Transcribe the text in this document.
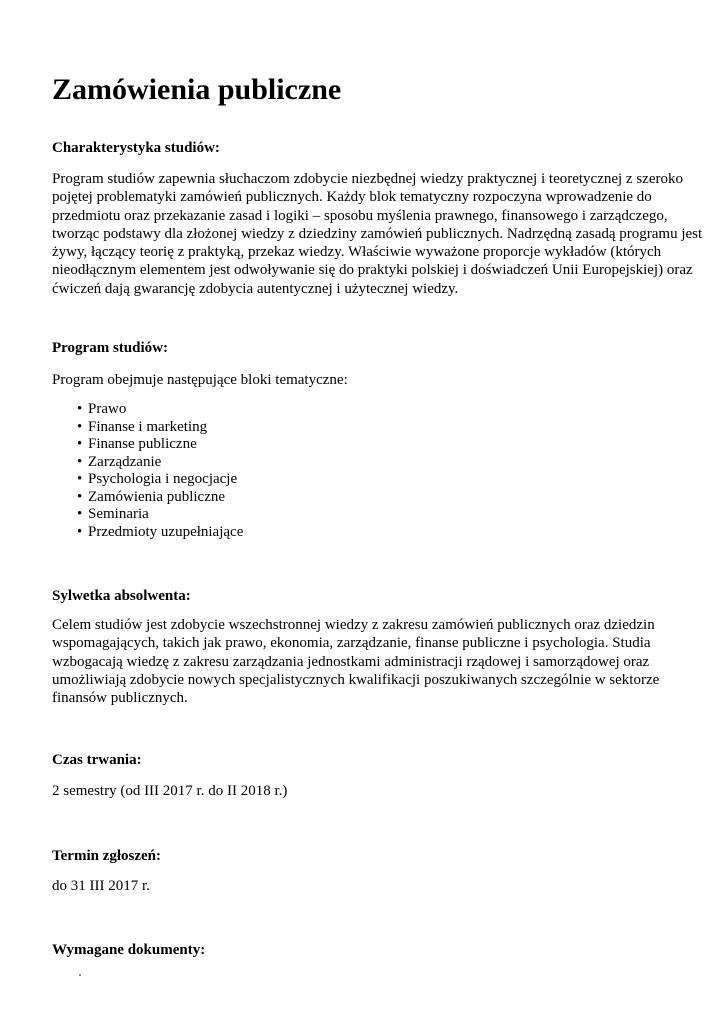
Zamówienia publiczne
Charakterystyka studiów:

Program studiów zapewnia słuchaczom zdobycie niezbędnej wiedzy praktycznej i teoretycznej z szeroko
pojętej problematyki zamówień publicznych. Każdy blok tematyczny rozpoczyna wprowadzenie do
przedmiotu oraz przekazanie zasad i logiki – sposobu myślenia prawnego, finansowego i zarządczego,
tworząc podstawy dla złożonej wiedzy z dziedziny zamówień publicznych. Nadrzędną zasadą programu jest
żywy, łączący teorię z praktyką, przekaz wiedzy. Właściwie wyważone proporcje wykładów (których
nieodłącznym elementem jest odwoływanie się do praktyki polskiej i doświadczeń Unii Europejskiej) oraz
ćwiczeń dają gwarancję zdobycia autentycznej i użytecznej wiedzy.

Program studiów:

Program obejmuje następujące bloki tematyczne:

• Prawo
• Finanse i marketing
• Finanse publiczne
• Zarządzanie
• Psychologia i negocjacje
• Zamówienia publiczne
• Seminaria
• Przedmioty uzupełniające
Sylwetka absolwenta:

Celem studiów jest zdobycie wszechstronnej wiedzy z zakresu zamówień publicznych oraz dziedzin
wspomagających, takich jak prawo, ekonomia, zarządzanie, finanse publiczne i psychologia. Studia
wzbogacają wiedzę z zakresu zarządzania jednostkami administracji rządowej i samorządowej oraz
umożliwiają zdobycie nowych specjalistycznych kwalifikacji poszukiwanych szczególnie w sektorze
finansów publicznych.

Czas trwania:

2 semestry (od III 2017 r. do II 2018 r.)

Termin zgłoszeń:

do 31 III 2017 r.

Wymagane dokumenty:
